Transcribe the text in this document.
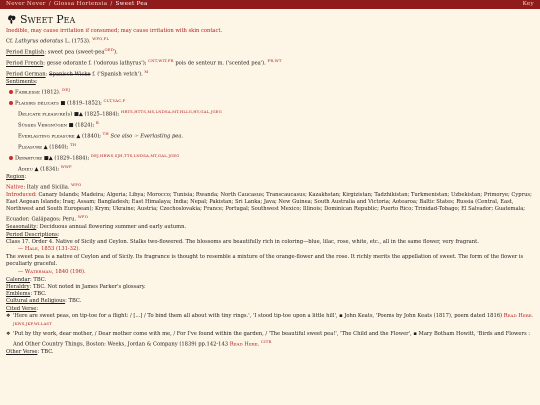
Never Never / Glossa Hortensia / Sweet Pea	Key
Sweet Pea
Inedible, may cause irritation if consumed; may cause irritation with skin contact.
Cf. Lathyrus odoratus L. (1753). $^{WFO,PL}$
Period English: sweet pea (sweet-pea$^{OED}$).
Period French: gesse odorante f. ('odorous lathyrus'); $^{CNT,WIT,FR}$ pois de senteur m. ('scented pea'). $^{FR,WT}$
Period German: Spanisch Wicke f. ('Spanish vetch'). $^M$
Sentiments:
Faiblesse (1812). $^{DEJ}$
Plaisirs délicats ■ (1819–1852); $^{CLT,VAC,F}$
Delicate pleasure(s) ■▲ (1825–1884); $^{HRTS,HTTS,MS,LNDSA,MT,HLLG,HY,GAL,JGEG}$
Süsses Vergnügen ■ (1824); $^B$
Everlasting pleasure ▲ (1840); $^{TH}$ Sce also ☞ Everlasting pea.
Pleasure ▲ (1840); $^{TH}$
Departure ■▲ (1829–1884); $^{DEJ,HRWS,SJH,TTS,LNDSA,MT,GAL,JGEG}$
Adieu ▲ (1834); $^{WWP}$
Region:
Native: Italy and Sicilia. $^{WFO}$
Introduced: Canary Islands; Madeira; Algeria; Libya; Morocco; Tunisia; Rwanda; North Caucasus; Transcaucasus; Kazakhstan; Kirgizistan; Tadzhikistan; Turkmenistan; Uzbekistan; Primorye; Cyprus; East Aegean Islands; Iraq; Assam; Bangladesh; East Himalaya; India; Nepal; Pakistan; Sri Lanka; Java; New Guinea; South Australia and Victoria; Aotearoa; Baltic States; Russia (Central, East, Northwest and South European); Krym; Ukraine; Austria; Czechoslovakia; France; Portugal; Southwest Mexico; Illinois; Dominican Republic; Puerto Rico; Trinidad-Tobago; El Salvador; Guatemala; Ecuador; Galápagos; Peru. $^{WFO}$
Seasonality: Deciduous annual flowering summer and early autumn.
Period Descriptions:
Class 17. Order 4. Native of Sicily and Ceylon. Stalks two-flowered. The blossoms are beautifully rich in coloring—blue, lilac, rose, white, etc., all in the same flower, very fragrant.
— Hale, 1853 (131-32).
The sweet pea is a native of Ceylon and of Sicily. Its fragrance is thought to resemble a mixture of the orange-flower and the rose. It richly merits the appellation of sweet. The form of the flower is peculiarly graceful.
— Waterman, 1840 (196).
Calendar: TBC.
Heraldry: TBC. Not noted in James Parker's glossary.
Emblems: TBC.
Cultural and Religious: TBC.
Cited Verse:
❖ 'Here are sweet peas, on tip-toe for a flight: / [...] / To bind them all about with tiny rings.', 'I stood tip-toe upon a little hill', ▪ John Keats, 'Poems by John Keats (1817), poem dated 1816) Read Here. $^{JKWS,JKP,WLLAST}$
❖ 'Put by thy work, dear mother, / Dear mother come with me, / For I've found within the garden, / 'The beautiful sweet pea!', 'The Child and the Flower', ▪ Mary Botham Howitt, 'Birds and Flowers : And Other Country Things, Boston: Weeks, Jordan & Company (1839) pp.142-143 Read Here. $^{CITR}$
Other Verse: TBC.
